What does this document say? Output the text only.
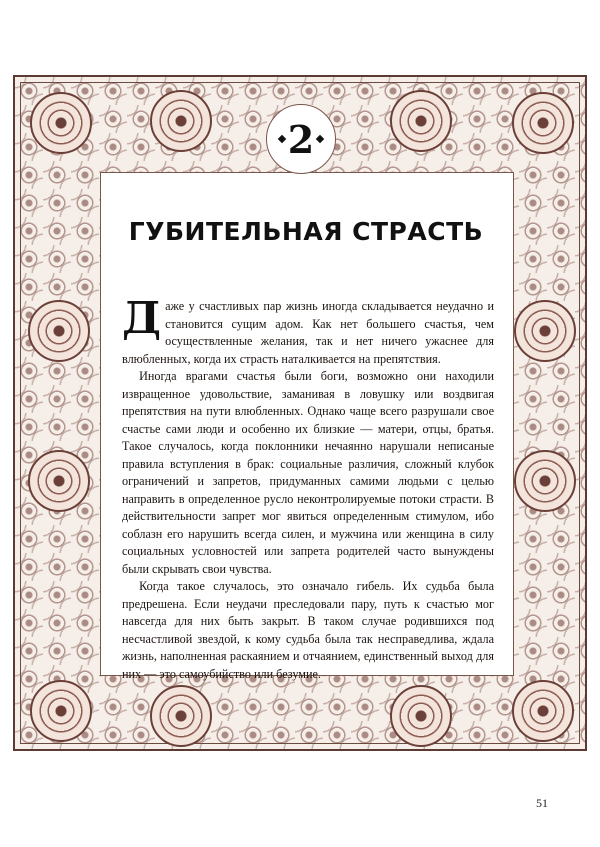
2
ГУБИТЕЛЬНАЯ СТРАСТЬ

Даже у счастливых пар жизнь иногда складывается неудачно и становится сущим адом. Как нет большего счастья, чем осуществленные желания, так и нет ничего ужаснее для влюбленных, когда их страсть наталкивается на препятствия.

Иногда врагами счастья были боги, возможно они находили извращенное удовольствие, заманивая в ловушку или воздвигая препятствия на пути влюбленных. Однако чаще всего разрушали свое счастье сами люди и особенно их близкие — матери, отцы, братья. Такое случалось, когда поклонники нечаянно нарушали неписаные правила вступления в брак: социальные различия, сложный клубок ограничений и запретов, придуманных самими людьми с целью направить в определенное русло неконтролируемые потоки страсти. В действительности запрет мог явиться определенным стимулом, ибо соблазн его нарушить всегда силен, и мужчина или женщина в силу социальных условностей или запрета родителей часто вынуждены были скрывать свои чувства.

Когда такое случалось, это означало гибель. Их судьба была предрешена. Если неудачи преследовали пару, путь к счастью мог навсегда для них быть закрыт. В таком случае родившихся под несчастливой звездой, к кому судьба была так несправедлива, ждала жизнь, наполненная раскаянием и отчаянием, единственный выход для них — это самоубийство или безумие.

51
